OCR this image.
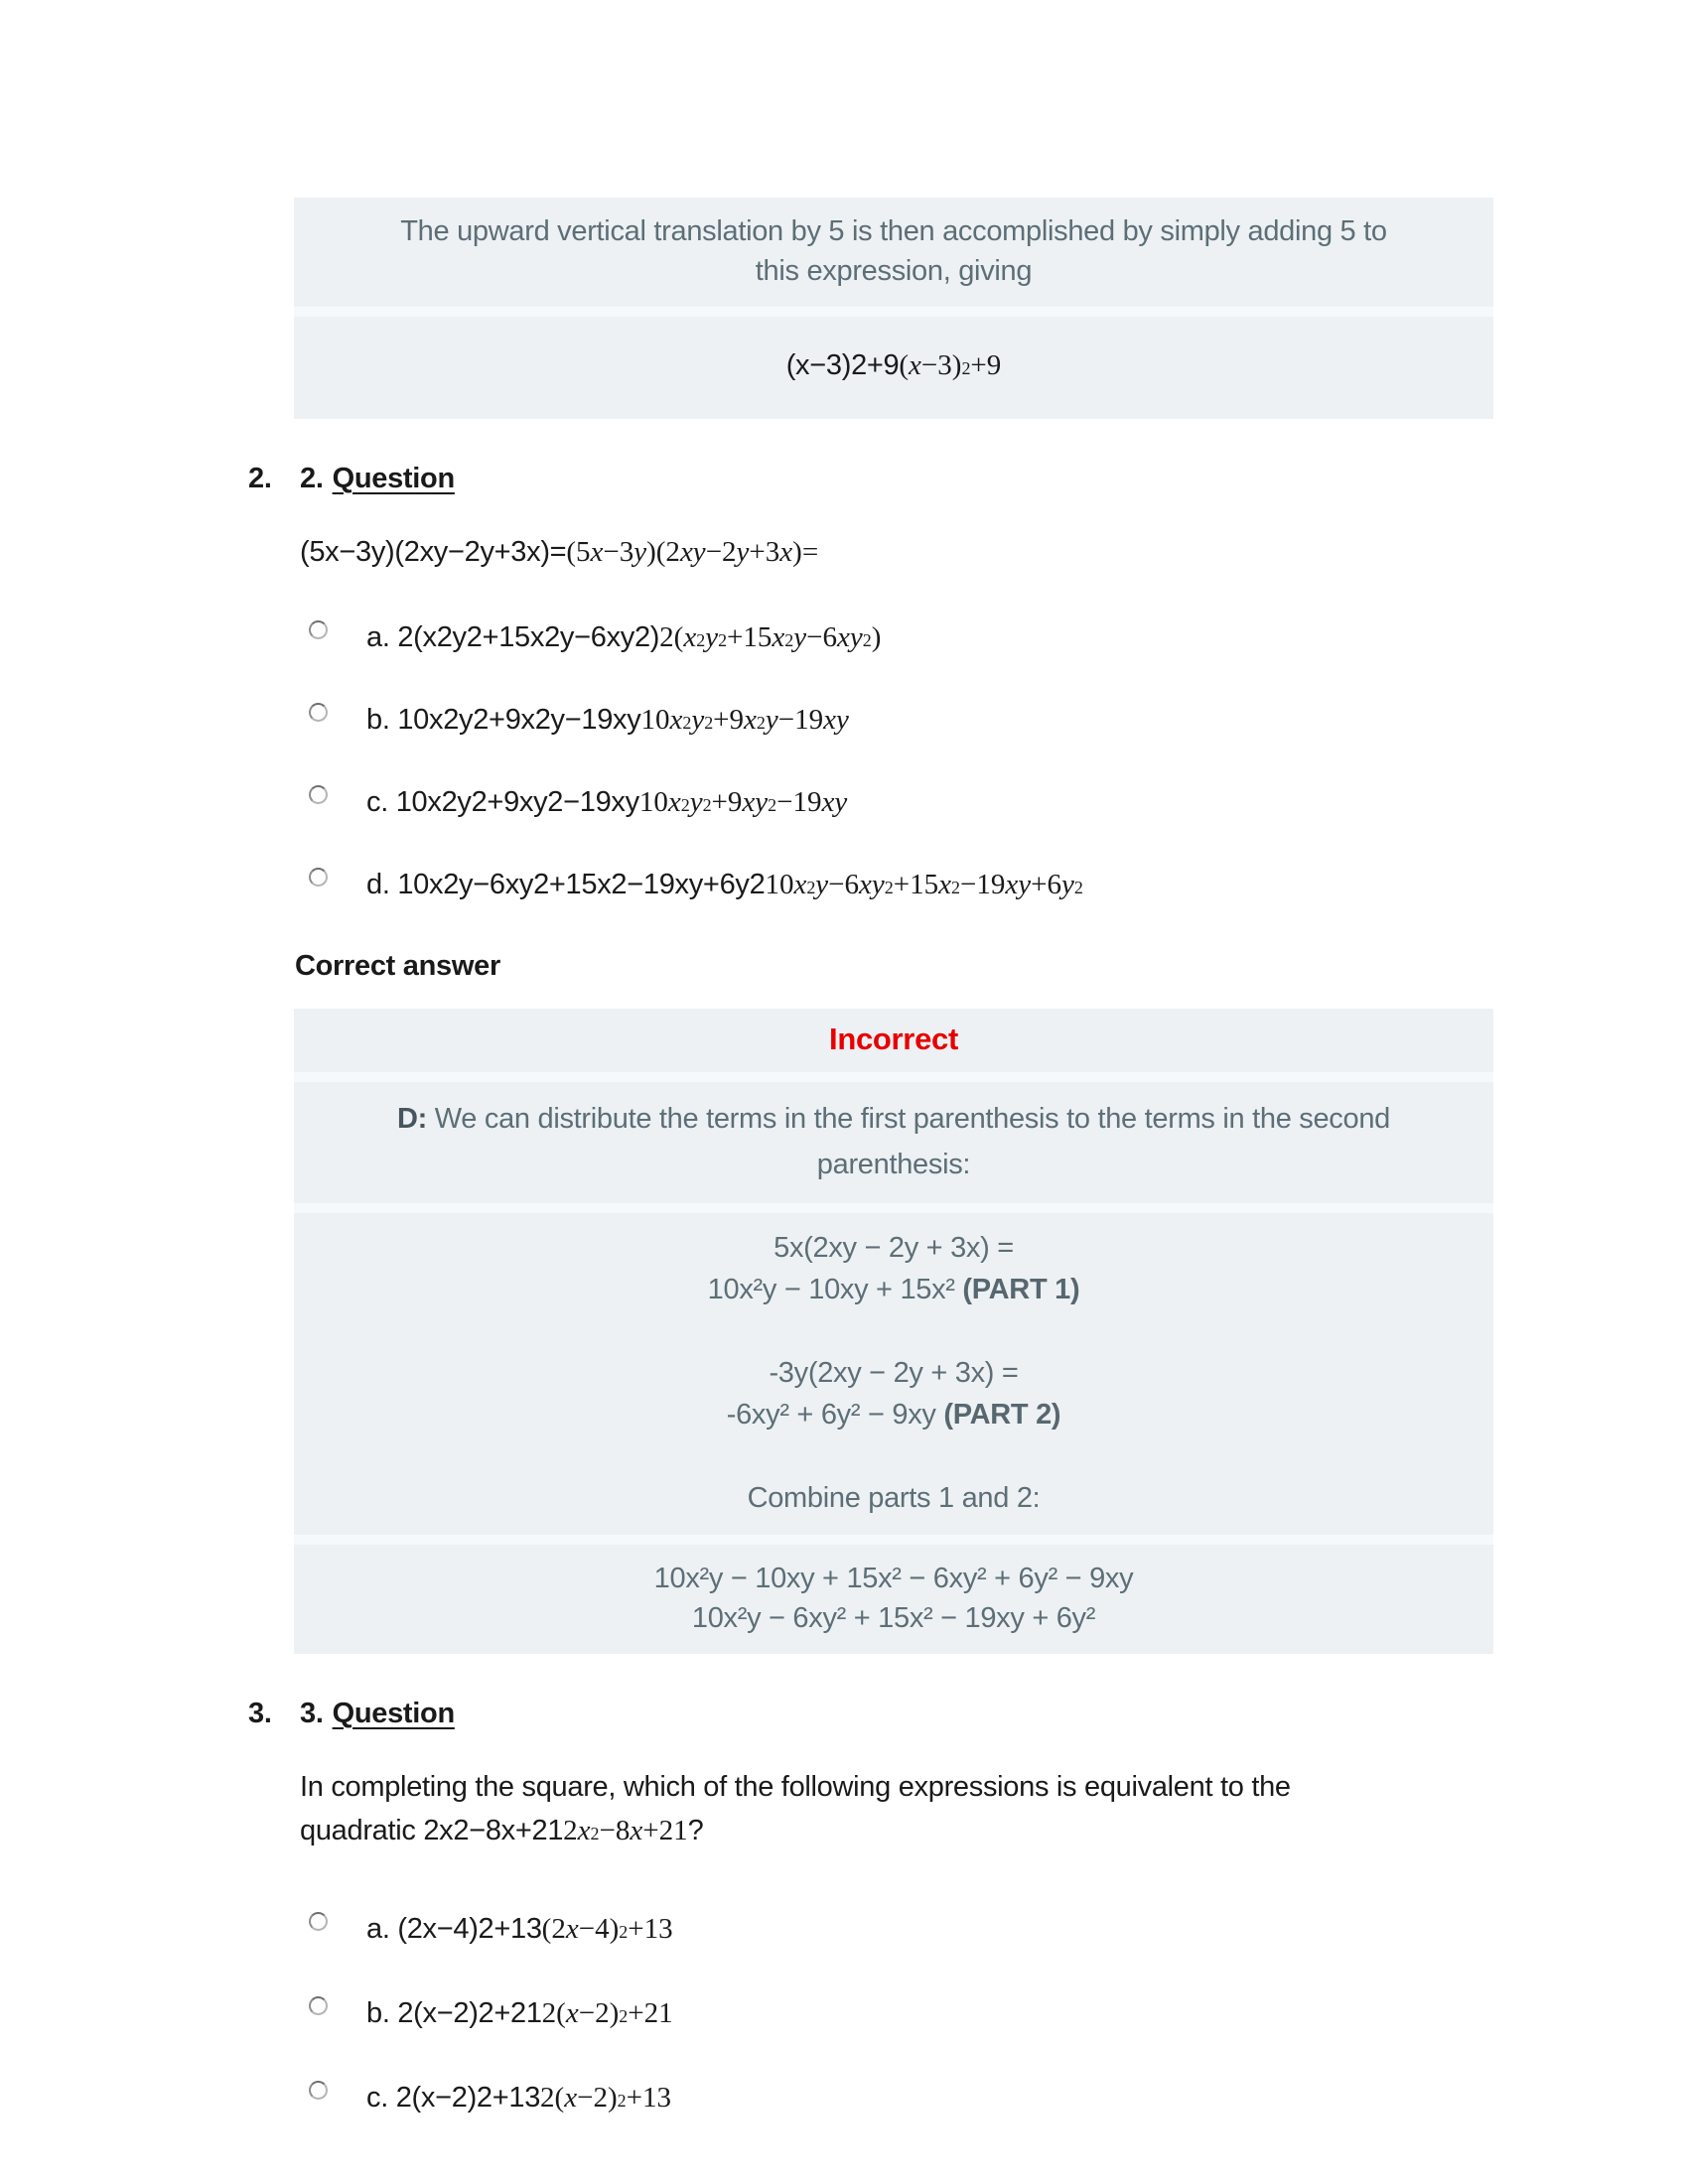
The upward vertical translation by 5 is then accomplished by simply adding 5 to
this expression, giving
(x−3)2+9(x−3)2+9
2. 2. Question
(5x−3y)(2xy−2y+3x)=(5x−3y)(2xy−2y+3x)=
a. 2(x2y2+15x2y−6xy2)2(x2y2+15x2y−6xy2)
b. 10x2y2+9x2y−19xy10x2y2+9x2y−19xy
c. 10x2y2+9xy2−19xy10x2y2+9xy2−19xy
d. 10x2y−6xy2+15x2−19xy+6y210x2y−6xy2+15x2−19xy+6y2
Correct answer
Incorrect
D: We can distribute the terms in the first parenthesis to the terms in the second
parenthesis:
5x(2xy − 2y + 3x) =
10x²y − 10xy + 15x² (PART 1)
-3y(2xy − 2y + 3x) =
-6xy² + 6y² − 9xy (PART 2)
Combine parts 1 and 2:
10x²y − 10xy + 15x² − 6xy² + 6y² − 9xy
10x²y − 6xy² + 15x² − 19xy + 6y²
3. 3. Question
In completing the square, which of the following expressions is equivalent to the
quadratic 2x2−8x+212x2−8x+21?
a. (2x−4)2+13(2x−4)2+13
b. 2(x−2)2+212(x−2)2+21
c. 2(x−2)2+132(x−2)2+13
